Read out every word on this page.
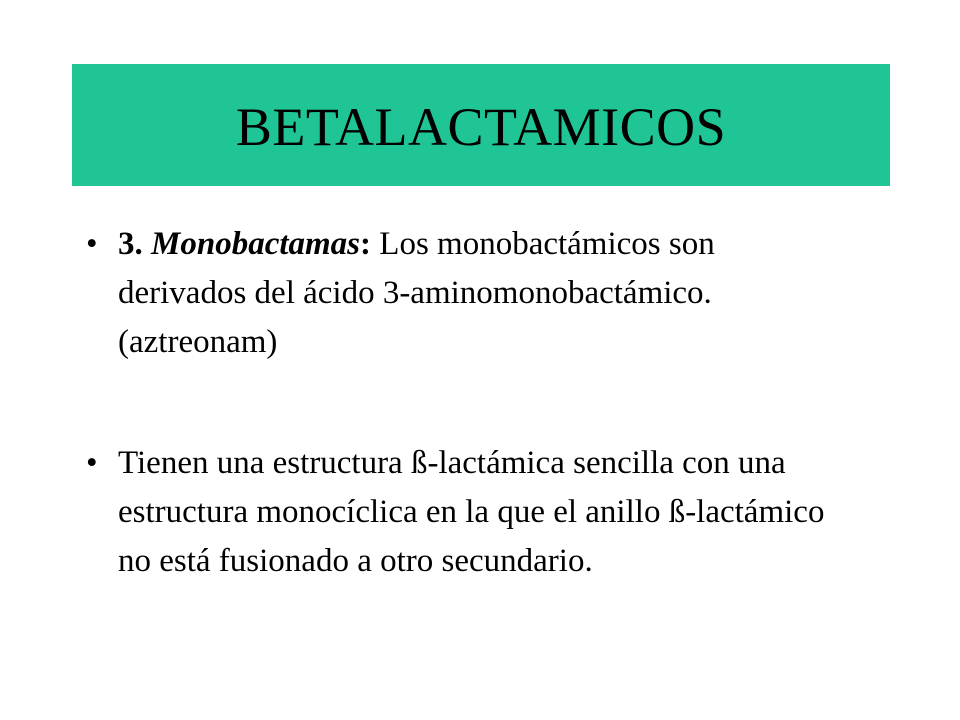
BETALACTAMICOS
• 3. Monobactamas: Los monobactámicos son derivados del ácido 3-aminomonobactámico.(aztreonam)
• Tienen una estructura ß-lactámica sencilla con una estructura monocíclica en la que el anillo ß-lactámico no está fusionado a otro secundario.
